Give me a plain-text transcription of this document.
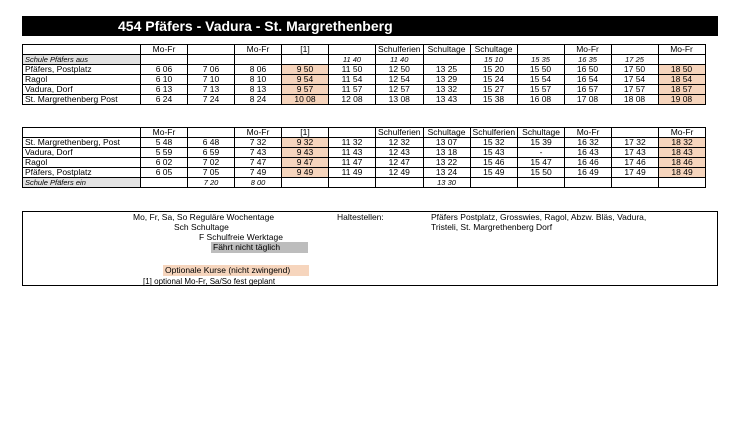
454 Pfäfers - Vadura - St. Margrethenberg
	Mo-Fr		Mo-Fr	[1]		Schulferien	Schultage	Schultage		Mo-Fr		Mo-Fr
Schule Pfäfers aus					11 40	11 40		15 10	15 35	16 35	17 25	
Pfäfers, Postplatz	6 06	7 06	8 06	9 50	11 50	12 50	13 25	15 20	15 50	16 50	17 50	18 50
Ragol	6 10	7 10	8 10	9 54	11 54	12 54	13 29	15 24	15 54	16 54	17 54	18 54
Vadura, Dorf	6 13	7 13	8 13	9 57	11 57	12 57	13 32	15 27	15 57	16 57	17 57	18 57
St. Margrethenberg Post	6 24	7 24	8 24	10 08	12 08	13 08	13 43	15 38	16 08	17 08	18 08	19 08
	Mo-Fr		Mo-Fr	[1]		Schulferien	Schultage	Schulferien	Schultage	Mo-Fr		Mo-Fr
St. Margrethenberg, Post	5 48	6 48	7 32	9 32	11 32	12 32	13 07	15 32	15 39	16 32	17 32	18 32
Vadura, Dorf	5 59	6 59	7 43	9 43	11 43	12 43	13 18	15 43	-	16 43	17 43	18 43
Ragol	6 02	7 02	7 47	9 47	11 47	12 47	13 22	15 46	15 47	16 46	17 46	18 46
Pfäfers, Postplatz	6 05	7 05	7 49	9 49	11 49	12 49	13 24	15 49	15 50	16 49	17 49	18 49
Schule Pfäfers ein		7 20	8 00				13 30					
Mo, Fr, Sa, So Reguläre Wochentage
Sch Schultage
F Schulfreie Werktage
Fährt nicht täglich
Optionale Kurse (nicht zwingend)
[1] optional Mo-Fr, Sa/So fest geplant
Haltestellen:	Pfäfers Postplatz, Grosswies, Ragol, Abzw. Bläs, Vadura,
Tristeli, St. Margrethenberg Dorf
